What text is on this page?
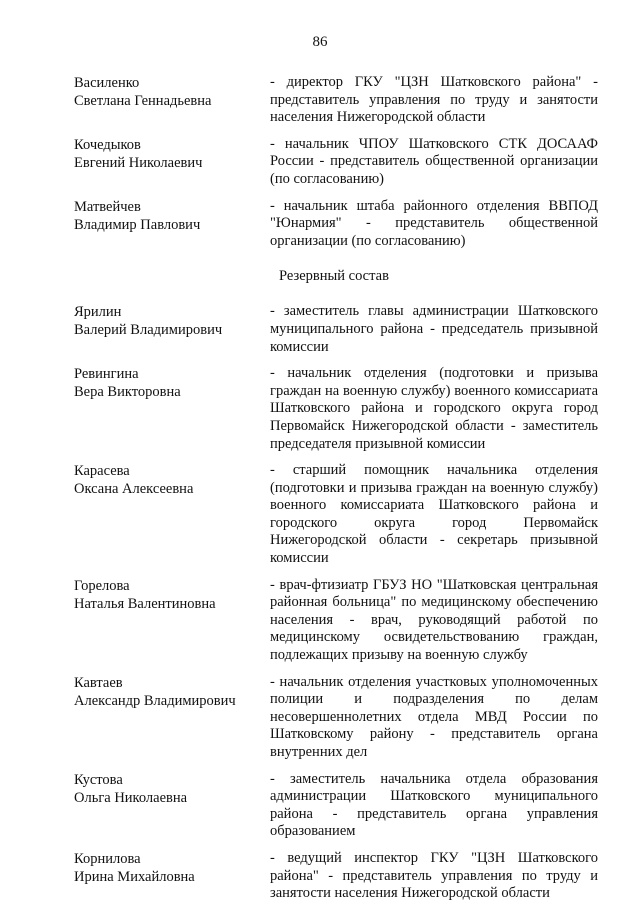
86
Василенко
Светлана Геннадьевна
- директор ГКУ "ЦЗН Шатковского района" - представитель управления по труду и занятости населения Нижегородской области
Кочедыков
Евгений Николаевич
- начальник ЧПОУ Шатковского СТК ДОСААФ России - представитель общественной организации (по согласованию)
Матвейчев
Владимир Павлович
- начальник штаба районного отделения ВВПОД "Юнармия" - представитель общественной организации (по согласованию)
Резервный состав
Ярилин
Валерий Владимирович
- заместитель главы администрации Шатковского муниципального района - председатель призывной комиссии
Ревингина
Вера Викторовна
- начальник отделения (подготовки и призыва граждан на военную службу) военного комиссариата Шатковского района и городского округа город Первомайск Нижегородской области - заместитель председателя призывной комиссии
Карасева
Оксана Алексеевна
- старший помощник начальника отделения (подготовки и призыва граждан на военную службу) военного комиссариата Шатковского района и городского округа город Первомайск Нижегородской области - секретарь призывной комиссии
Горелова
Наталья Валентиновна
- врач-фтизиатр ГБУЗ НО "Шатковская центральная районная больница" по медицинскому обеспечению населения - врач, руководящий работой по медицинскому освидетельствованию граждан, подлежащих призыву на военную службу
Кавтаев
Александр Владимирович
- начальник отделения участковых уполномоченных полиции и подразделения по делам несовершеннолетних отдела МВД России по Шатковскому району - представитель органа внутренних дел
Кустова
Ольга Николаевна
- заместитель начальника отдела образования администрации Шатковского муниципального района - представитель органа управления образованием
Корнилова
Ирина Михайловна
- ведущий инспектор ГКУ "ЦЗН Шатковского района" - представитель управления по труду и занятости населения Нижегородской области
